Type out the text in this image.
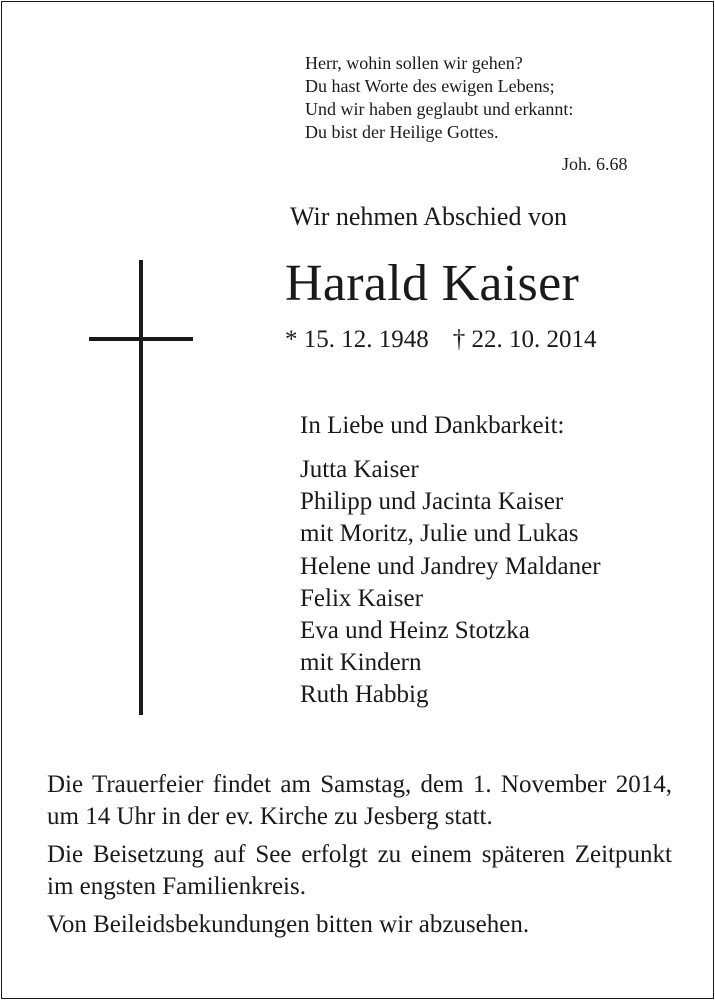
Herr, wohin sollen wir gehen?
Du hast Worte des ewigen Lebens;
Und wir haben geglaubt und erkannt:
Du bist der Heilige Gottes.
Joh. 6.68
Wir nehmen Abschied von
Harald Kaiser
* 15. 12. 1948 † 22. 10. 2014
In Liebe und Dankbarkeit:
Jutta Kaiser
Philipp und Jacinta Kaiser
mit Moritz, Julie und Lukas
Helene und Jandrey Maldaner
Felix Kaiser
Eva und Heinz Stotzka
mit Kindern
Ruth Habbig

Die Trauerfeier findet am Samstag, dem 1. November 2014, um 14 Uhr in der ev. Kirche zu Jesberg statt.

Die Beisetzung auf See erfolgt zu einem späteren Zeitpunkt im engsten Familienkreis.

Von Beileidsbekundungen bitten wir abzusehen.
